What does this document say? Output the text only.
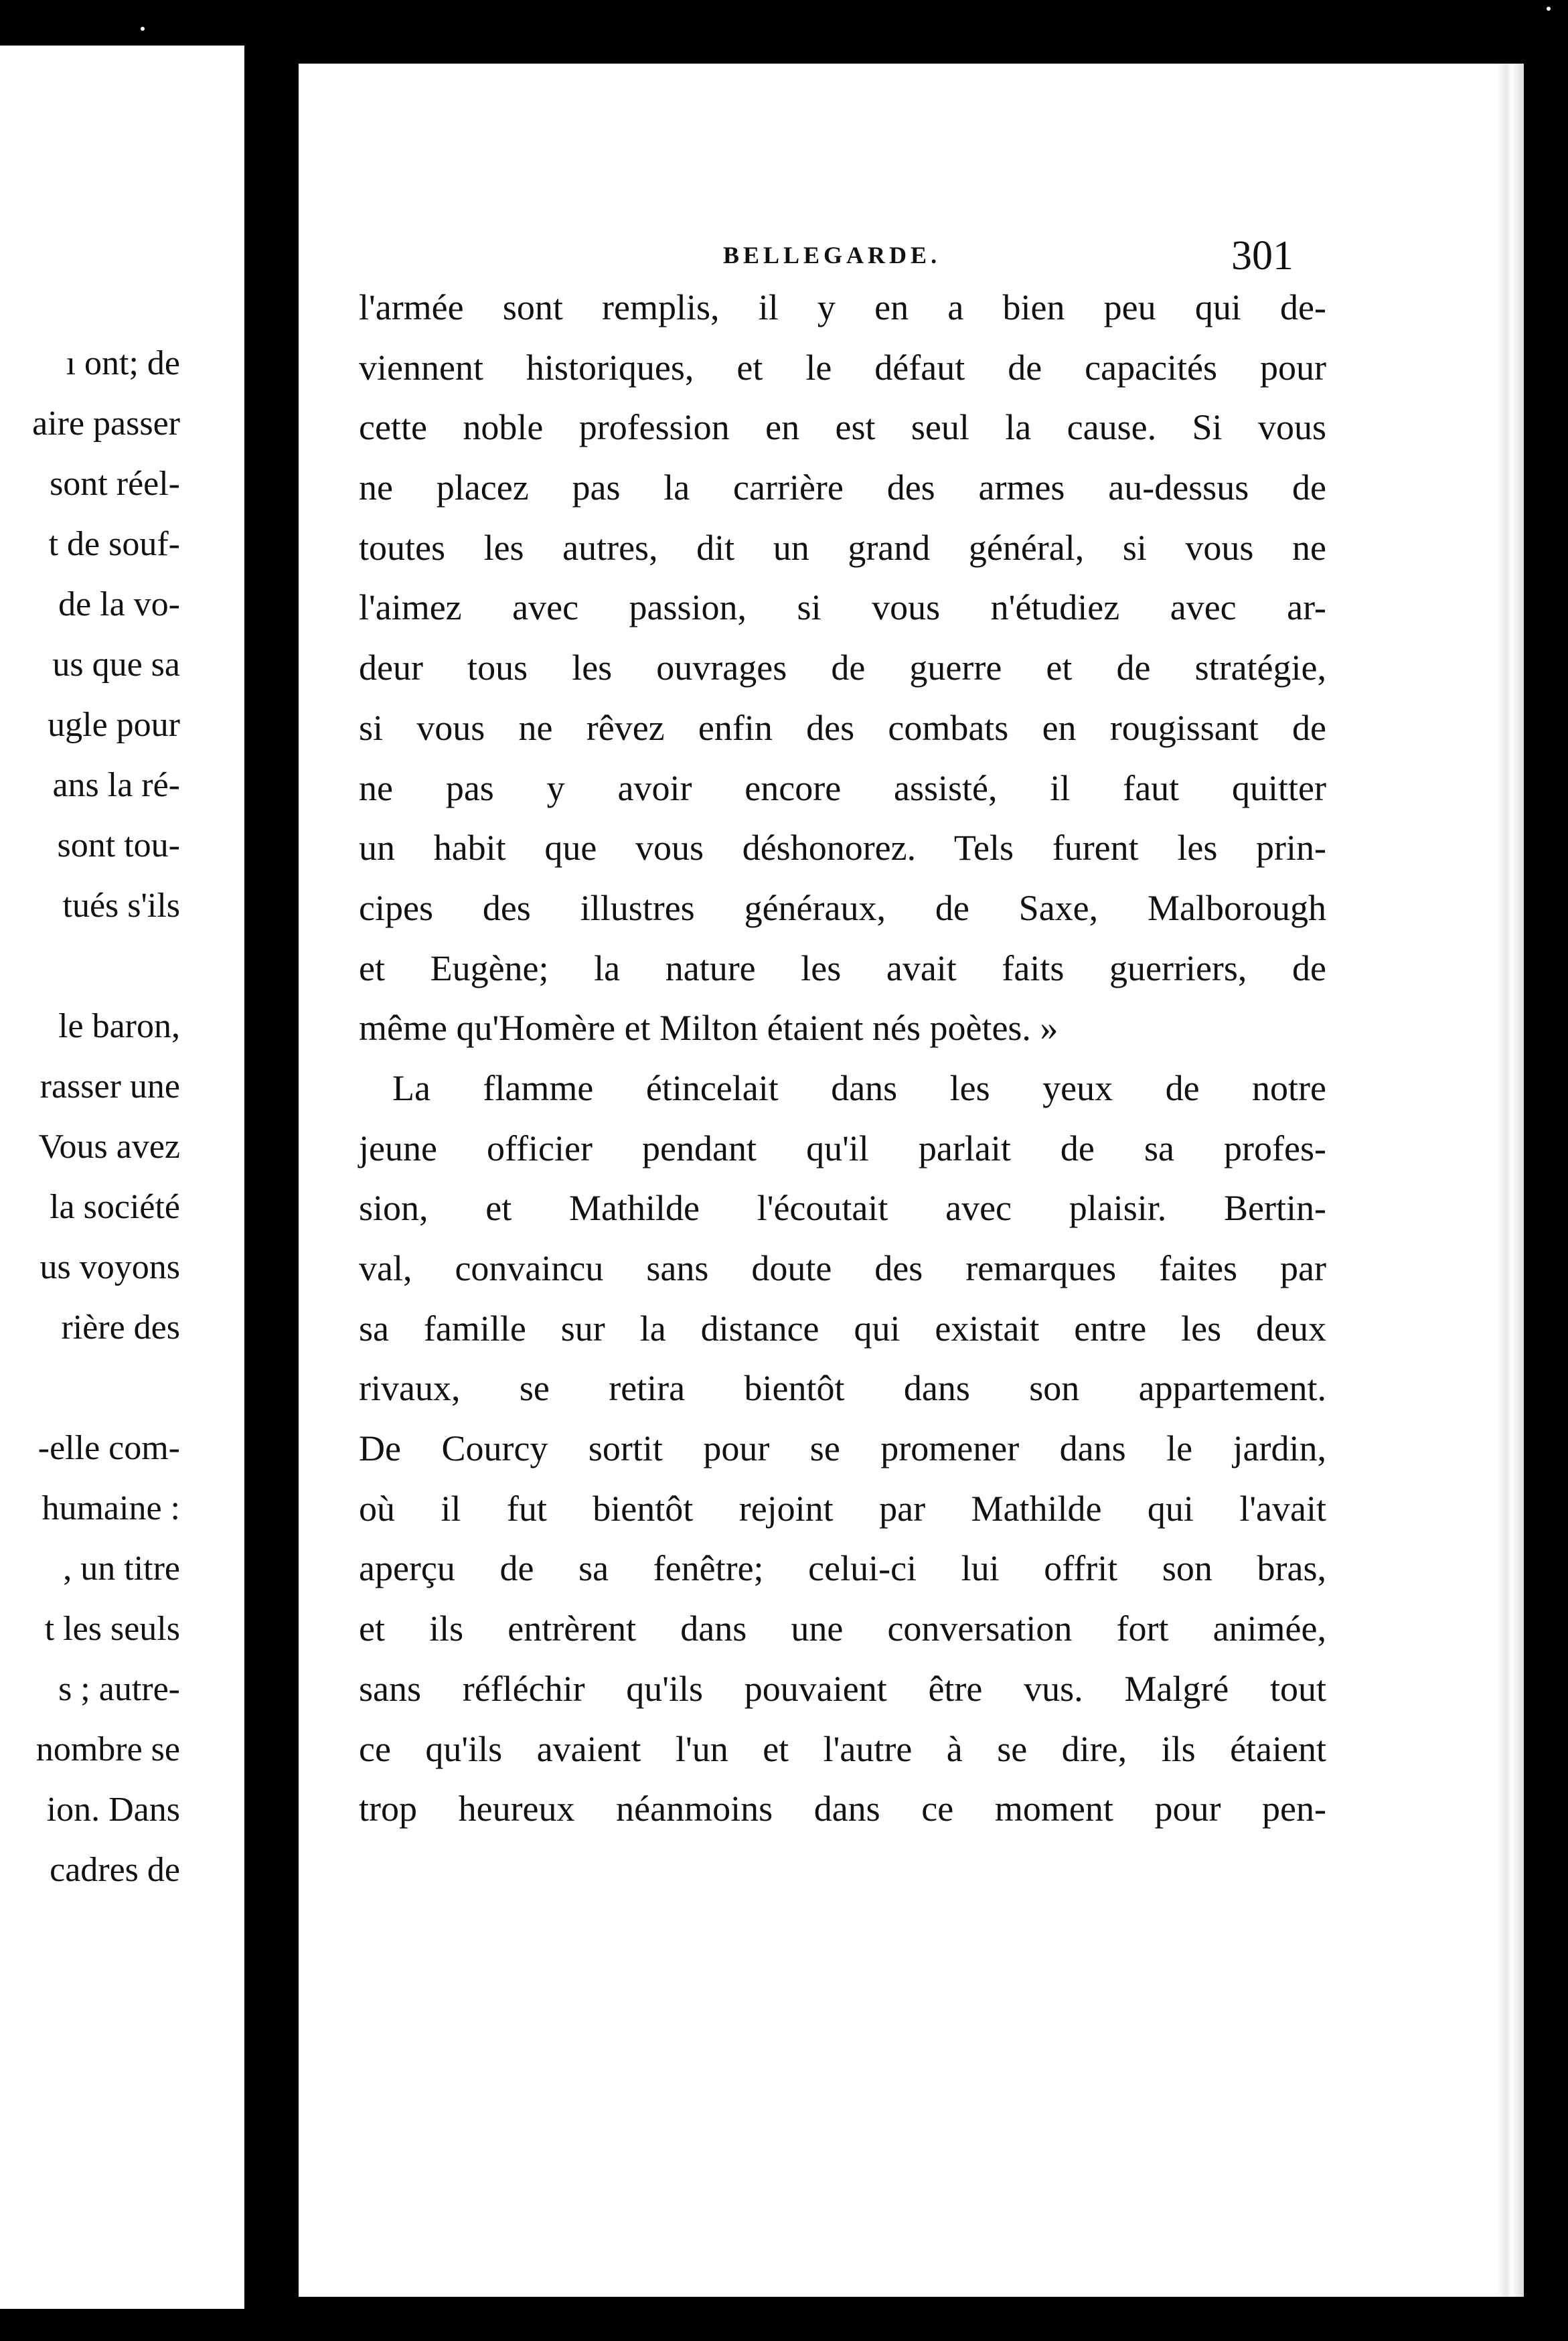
ı ont; de
aire passer
sont réel-
t de souf-
de la vo-
us que sa
ugle pour
ans la ré-
sont tou-
tués s'ils
le baron,
rasser une
Vous avez
la société
us voyons
rière des
-elle com-
humaine :
, un titre
t les seuls
s ; autre-
nombre se
ion. Dans
cadres de
BELLEGARDE.	301
l'armée sont remplis, il y en a bien peu qui de-
viennent historiques, et le défaut de capacités pour
cette noble profession en est seul la cause. Si vous
ne placez pas la carrière des armes au-dessus de
toutes les autres, dit un grand général, si vous ne
l'aimez avec passion, si vous n'étudiez avec ar-
deur tous les ouvrages de guerre et de stratégie,
si vous ne rêvez enfin des combats en rougissant de
ne pas y avoir encore assisté, il faut quitter
un habit que vous déshonorez. Tels furent les prin-
cipes des illustres généraux, de Saxe, Malborough
et Eugène; la nature les avait faits guerriers, de
même qu'Homère et Milton étaient nés poètes. »
La flamme étincelait dans les yeux de notre
jeune officier pendant qu'il parlait de sa profes-
sion, et Mathilde l'écoutait avec plaisir. Bertin-
val, convaincu sans doute des remarques faites par
sa famille sur la distance qui existait entre les deux
rivaux, se retira bientôt dans son appartement.
De Courcy sortit pour se promener dans le jardin,
où il fut bientôt rejoint par Mathilde qui l'avait
aperçu de sa fenêtre; celui-ci lui offrit son bras,
et ils entrèrent dans une conversation fort animée,
sans réfléchir qu'ils pouvaient être vus. Malgré tout
ce qu'ils avaient l'un et l'autre à se dire, ils étaient
trop heureux néanmoins dans ce moment pour pen-
